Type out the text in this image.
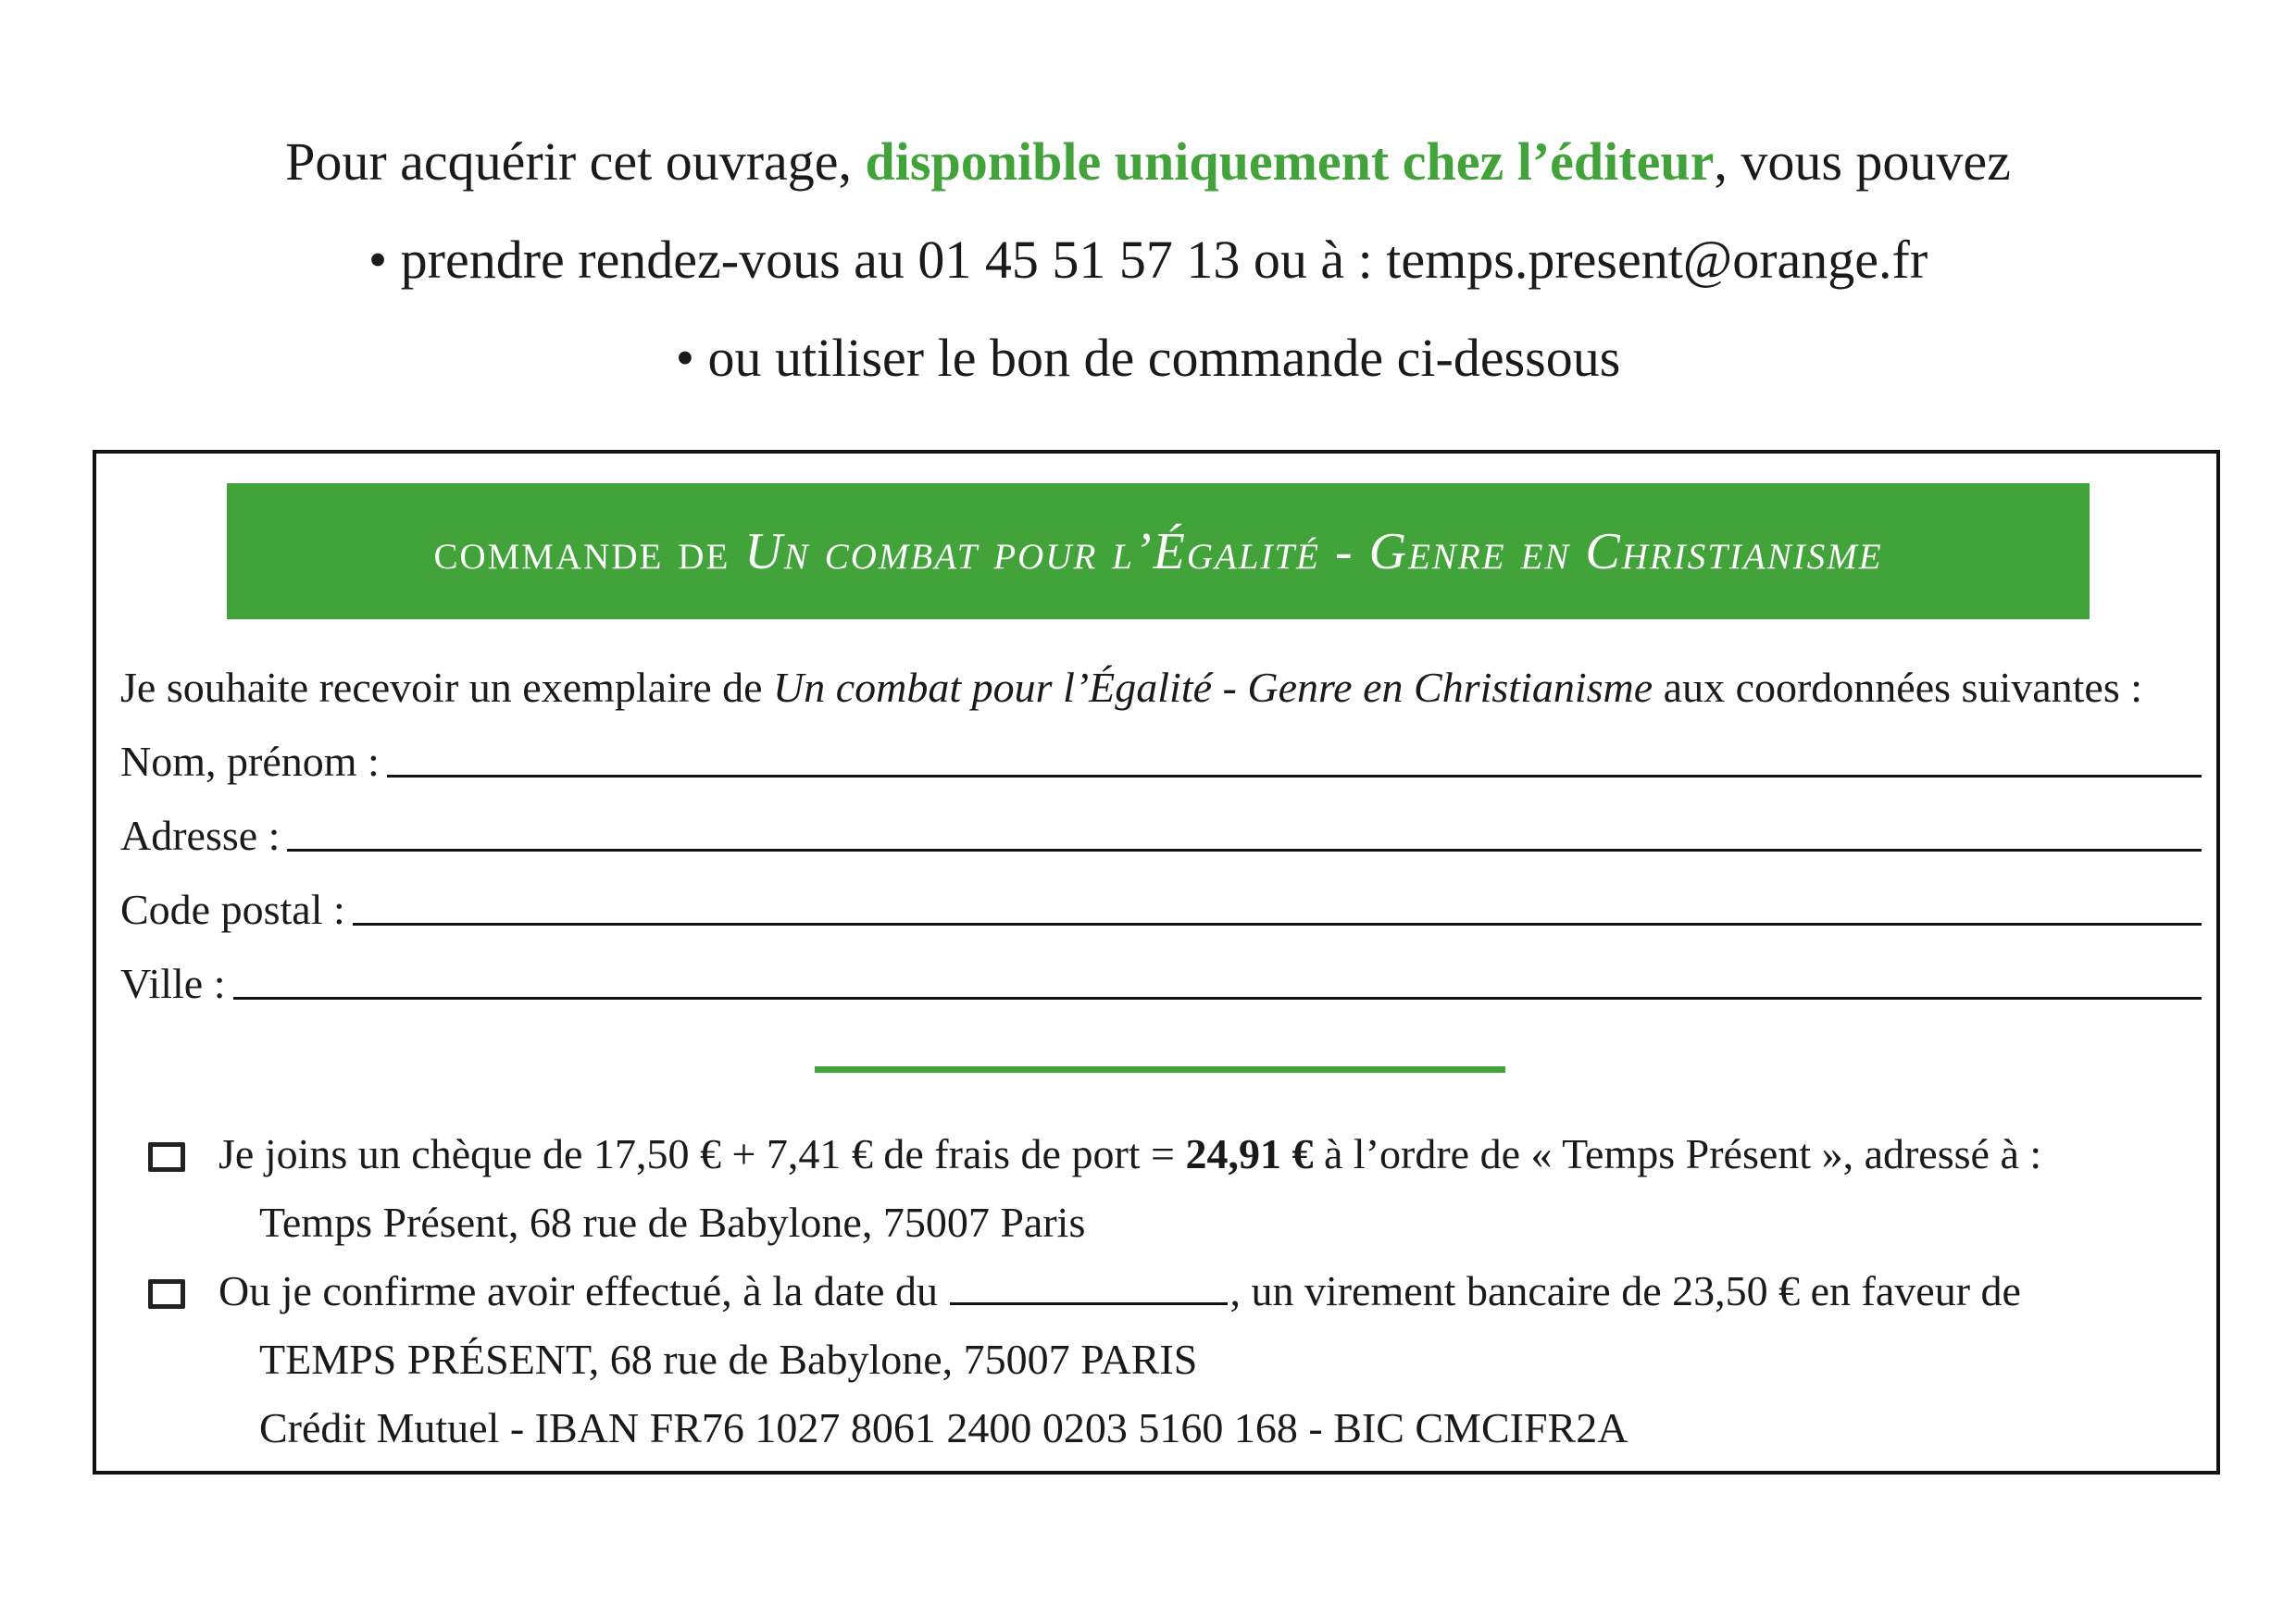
Pour acquérir cet ouvrage, disponible uniquement chez l’éditeur, vous pouvez
• prendre rendez-vous au 01 45 51 57 13 ou à : temps.present@orange.fr
• ou utiliser le bon de commande ci-dessous
commande de
Un combat pour l’Égalité - Genre en Christianisme
Je souhaite recevoir un exemplaire de Un combat pour l’Égalité - Genre en Christianisme aux coordonnées suivantes :
Nom, prénom :
Adresse :
Code postal :
Ville :
Je joins un chèque de 17,50 € + 7,41 € de frais de port = 24,91 € à l’ordre de « Temps Présent », adressé à :
Temps Présent, 68 rue de Babylone, 75007 Paris
Ou je confirme avoir effectué, à la date du	, un virement bancaire de 23,50 € en faveur de
TEMPS PRÉSENT, 68 rue de Babylone, 75007 PARIS
Crédit Mutuel - IBAN FR76 1027 8061 2400 0203 5160 168 - BIC CMCIFR2A
